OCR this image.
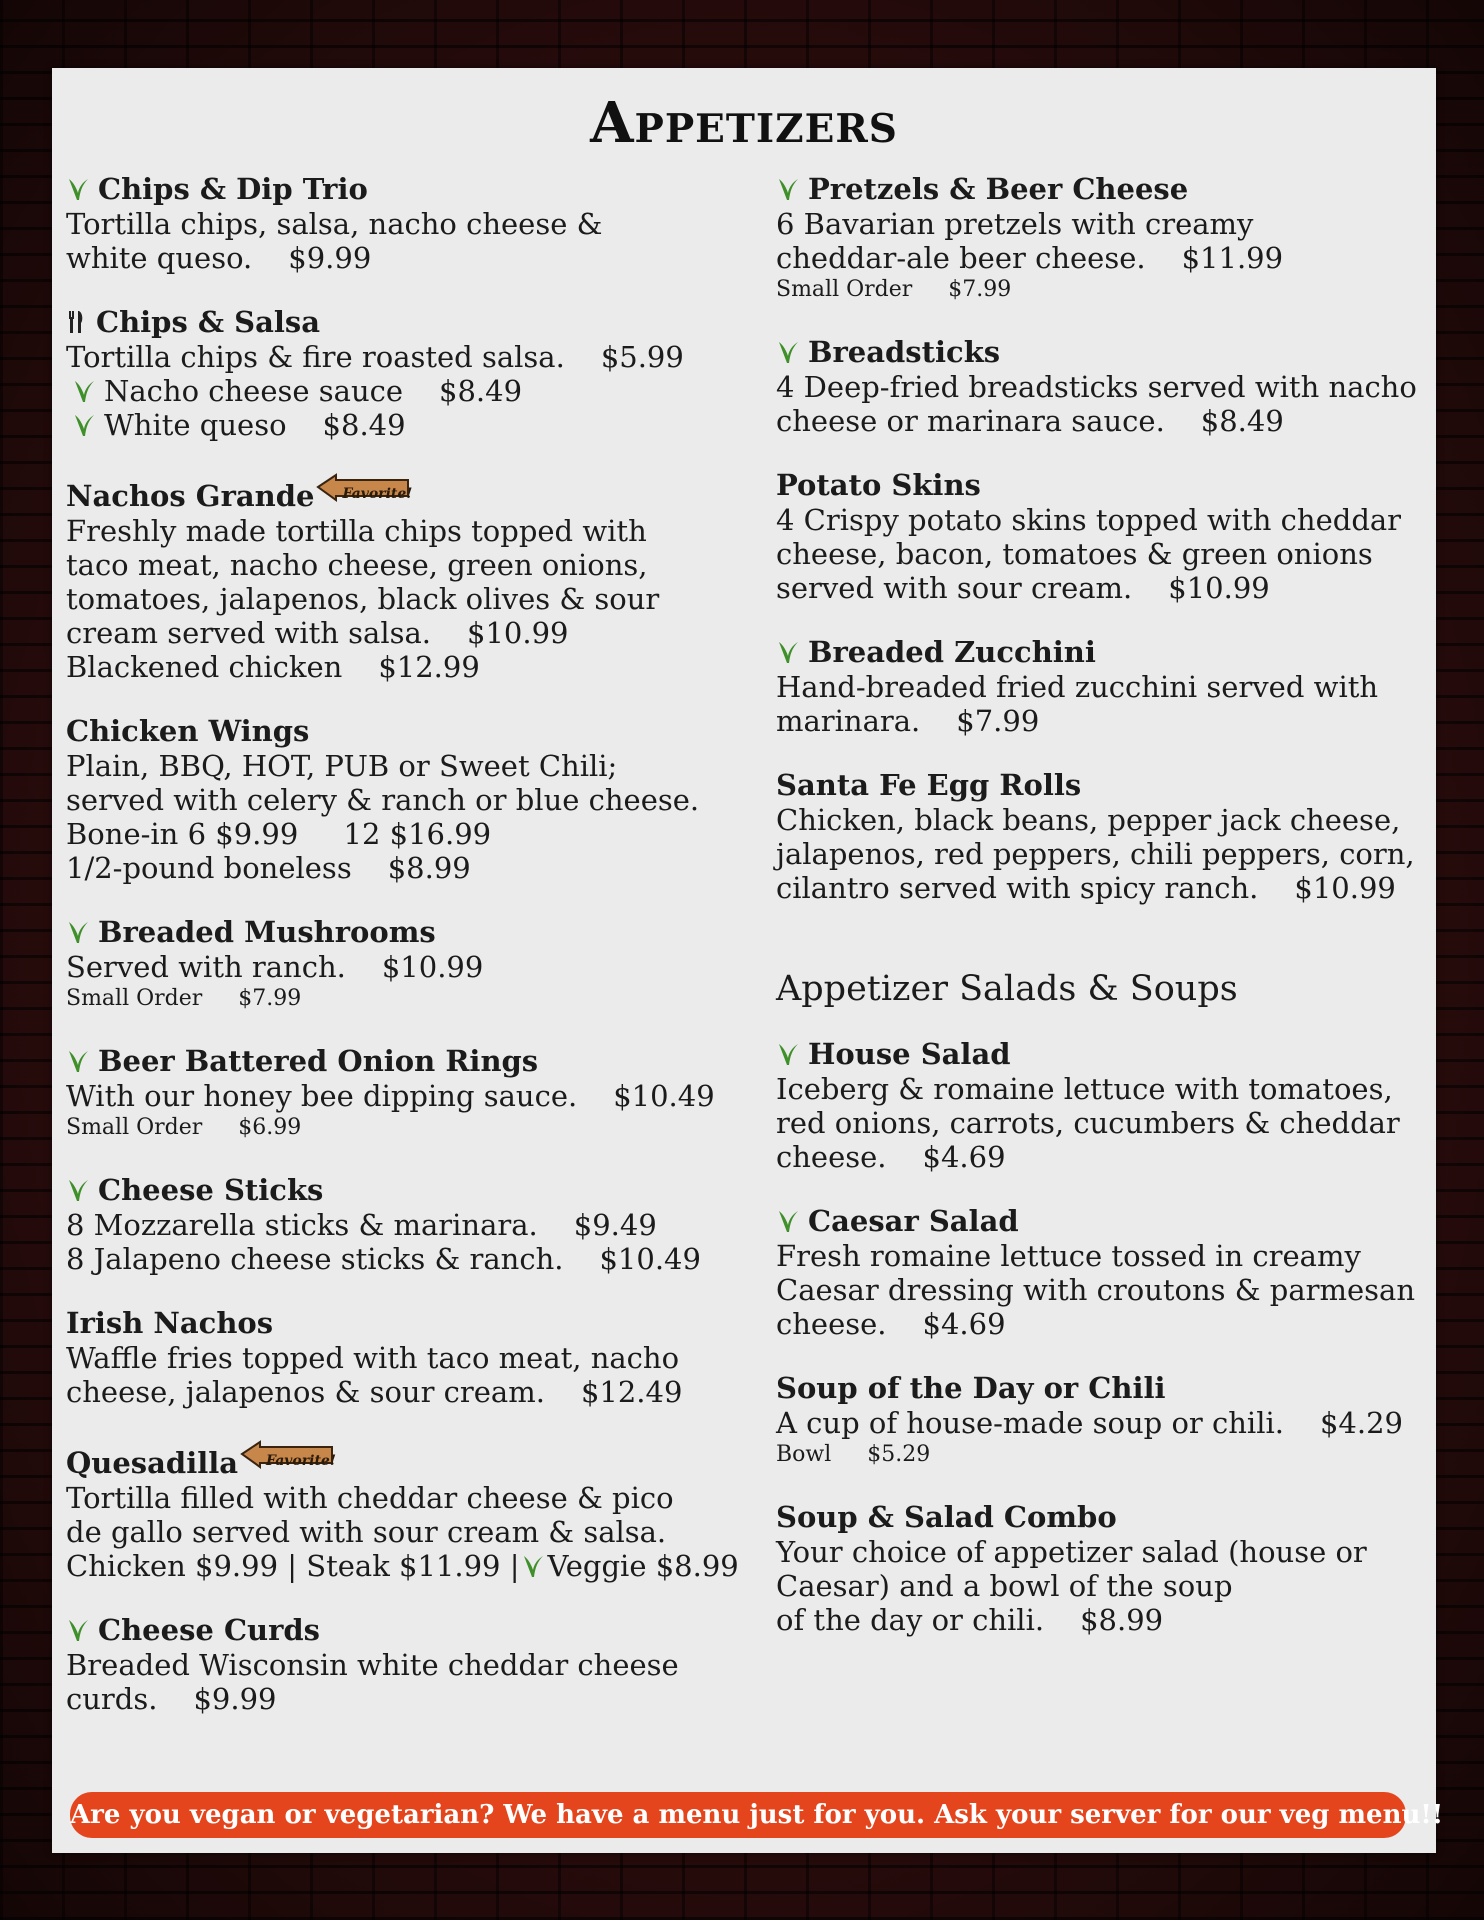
Appetizers
Chips & Dip Trio
Tortilla chips, salsa, nacho cheese &
white queso. $9.99
Chips & Salsa
Tortilla chips & fire roasted salsa. $5.99
Nacho cheese sauce $8.49
White queso $8.49
Nachos Grande Favorite!
Freshly made tortilla chips topped with
taco meat, nacho cheese, green onions,
tomatoes, jalapenos, black olives & sour
cream served with salsa. $10.99
Blackened chicken $12.99
Chicken Wings
Plain, BBQ, HOT, PUB or Sweet Chili;
served with celery & ranch or blue cheese.
Bone-in 6 $9.99 12 $16.99
1/2-pound boneless $8.99
Breaded Mushrooms
Served with ranch. $10.99
Small Order $7.99
Beer Battered Onion Rings
With our honey bee dipping sauce. $10.49
Small Order $6.99
Cheese Sticks
8 Mozzarella sticks & marinara. $9.49
8 Jalapeno cheese sticks & ranch. $10.49
Irish Nachos
Waffle fries topped with taco meat, nacho
cheese, jalapenos & sour cream. $12.49
Quesadilla Favorite!
Tortilla filled with cheddar cheese & pico
de gallo served with sour cream & salsa.
Chicken $9.99 | Steak $11.99 | Veggie $8.99
Cheese Curds
Breaded Wisconsin white cheddar cheese
curds. $9.99
Pretzels & Beer Cheese
6 Bavarian pretzels with creamy
cheddar-ale beer cheese. $11.99
Small Order $7.99
Breadsticks
4 Deep-fried breadsticks served with nacho
cheese or marinara sauce. $8.49
Potato Skins
4 Crispy potato skins topped with cheddar
cheese, bacon, tomatoes & green onions
served with sour cream. $10.99
Breaded Zucchini
Hand-breaded fried zucchini served with
marinara. $7.99
Santa Fe Egg Rolls
Chicken, black beans, pepper jack cheese,
jalapenos, red peppers, chili peppers, corn,
cilantro served with spicy ranch. $10.99
Appetizer Salads & Soups
House Salad
Iceberg & romaine lettuce with tomatoes,
red onions, carrots, cucumbers & cheddar
cheese. $4.69
Caesar Salad
Fresh romaine lettuce tossed in creamy
Caesar dressing with croutons & parmesan
cheese. $4.69
Soup of the Day or Chili
A cup of house-made soup or chili. $4.29
Bowl $5.29
Soup & Salad Combo
Your choice of appetizer salad (house or
Caesar) and a bowl of the soup
of the day or chili. $8.99
Are you vegan or vegetarian? We have a menu just for you. Ask your server for our veg menu!!
